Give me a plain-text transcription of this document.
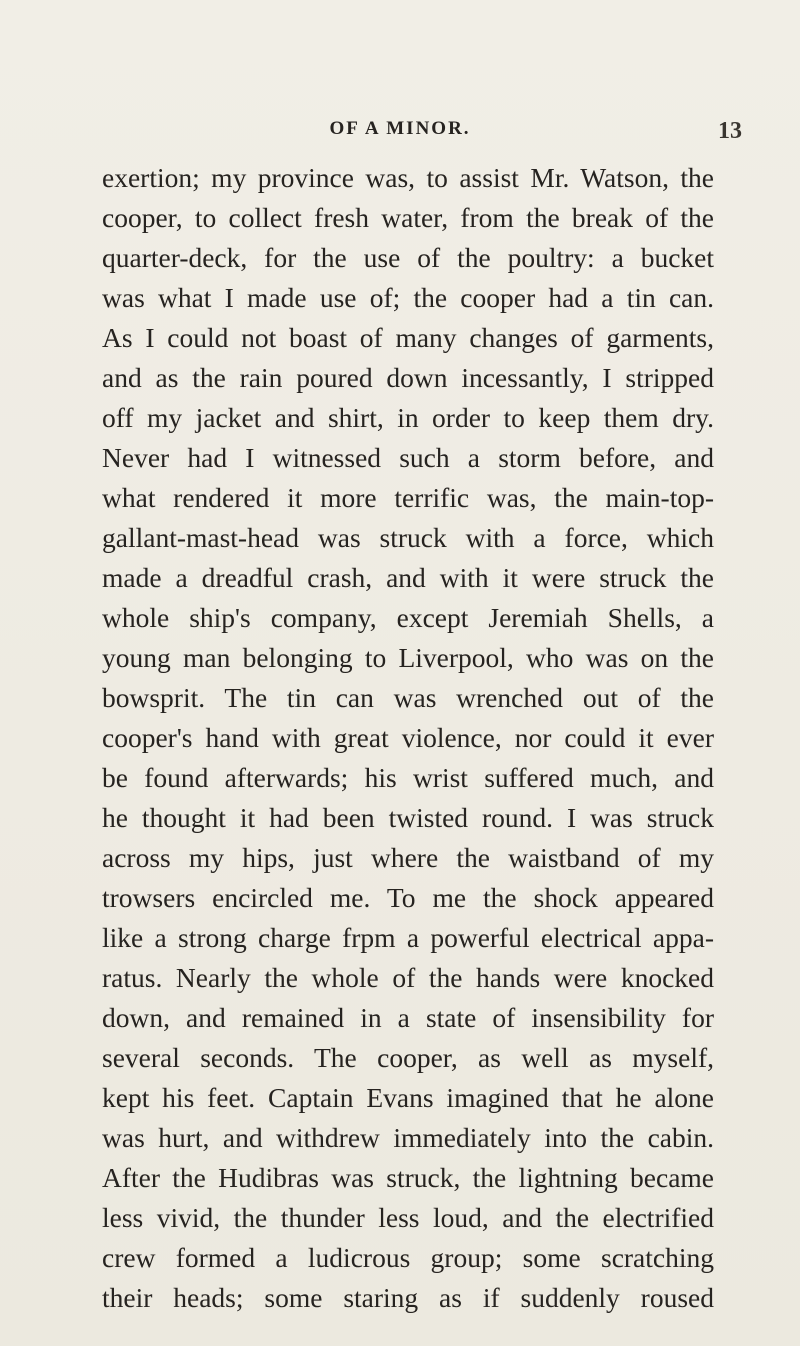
OF A MINOR.	13
exertion; my province was, to assist Mr. Watson, the
cooper, to collect fresh water, from the break of the
quarter-deck, for the use of the poultry: a bucket
was what I made use of; the cooper had a tin can.
As I could not boast of many changes of garments,
and as the rain poured down incessantly, I stripped
off my jacket and shirt, in order to keep them dry.
Never had I witnessed such a storm before, and
what rendered it more terrific was, the main-top-
gallant-mast-head was struck with a force, which
made a dreadful crash, and with it were struck the
whole ship's company, except Jeremiah Shells, a
young man belonging to Liverpool, who was on the
bowsprit. The tin can was wrenched out of the
cooper's hand with great violence, nor could it ever
be found afterwards; his wrist suffered much, and
he thought it had been twisted round. I was struck
across my hips, just where the waistband of my
trowsers encircled me. To me the shock appeared
like a strong charge frpm a powerful electrical appa-
ratus. Nearly the whole of the hands were knocked
down, and remained in a state of insensibility for
several seconds. The cooper, as well as myself,
kept his feet. Captain Evans imagined that he alone
was hurt, and withdrew immediately into the cabin.
After the Hudibras was struck, the lightning became
less vivid, the thunder less loud, and the electrified
crew formed a ludicrous group; some scratching
their heads; some staring as if suddenly roused
